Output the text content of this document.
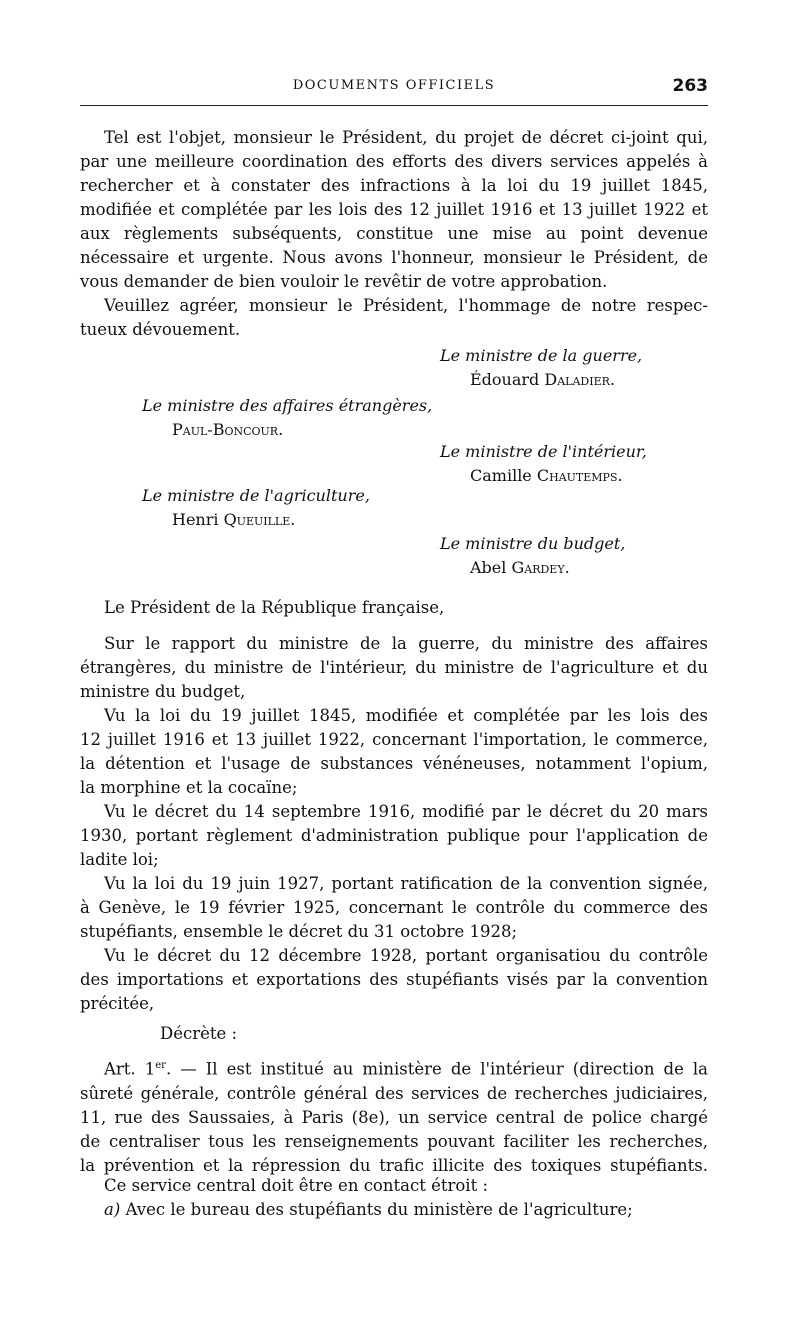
DOCUMENTS OFFICIELS	263

Tel est l'objet, monsieur le Président, du projet de décret ci-joint qui,
par une meilleure coordination des efforts des divers services appelés à
rechercher et à constater des infractions à la loi du 19 juillet 1845,
modifiée et complétée par les lois des 12 juillet 1916 et 13 juillet 1922 et
aux règlements subséquents, constitue une mise au point devenue
nécessaire et urgente. Nous avons l'honneur, monsieur le Président, de
vous demander de bien vouloir le revêtir de votre approbation.

Veuillez agréer, monsieur le Président, l'hommage de notre respec-
tueux dévouement.

Le ministre de la guerre,
Édouard Daladier.
Le ministre des affaires étrangères,
Paul-Boncour.
Le ministre de l'intérieur,
Camille Chautemps.
Le ministre de l'agriculture,
Henri Queuille.
Le ministre du budget,
Abel Gardey.

Le Président de la République française,

Sur le rapport du ministre de la guerre, du ministre des affaires
étrangères, du ministre de l'intérieur, du ministre de l'agriculture et du
ministre du budget,

Vu la loi du 19 juillet 1845, modifiée et complétée par les lois des
12 juillet 1916 et 13 juillet 1922, concernant l'importation, le commerce,
la détention et l'usage de substances vénéneuses, notamment l'opium,
la morphine et la cocaïne;

Vu le décret du 14 septembre 1916, modifié par le décret du 20 mars
1930, portant règlement d'administration publique pour l'application de
ladite loi;

Vu la loi du 19 juin 1927, portant ratification de la convention signée,
à Genève, le 19 février 1925, concernant le contrôle du commerce des
stupéfiants, ensemble le décret du 31 octobre 1928;

Vu le décret du 12 décembre 1928, portant organisatiou du contrôle
des importations et exportations des stupéfiants visés par la convention
précitée,

Décrète :

Art. 1er. — Il est institué au ministère de l'intérieur (direction de la
sûreté générale, contrôle général des services de recherches judiciaires,
11, rue des Saussaies, à Paris (8e), un service central de police chargé
de centraliser tous les renseignements pouvant faciliter les recherches,
la prévention et la répression du trafic illicite des toxiques stupéfiants.

Ce service central doit être en contact étroit :

a) Avec le bureau des stupéfiants du ministère de l'agriculture;
